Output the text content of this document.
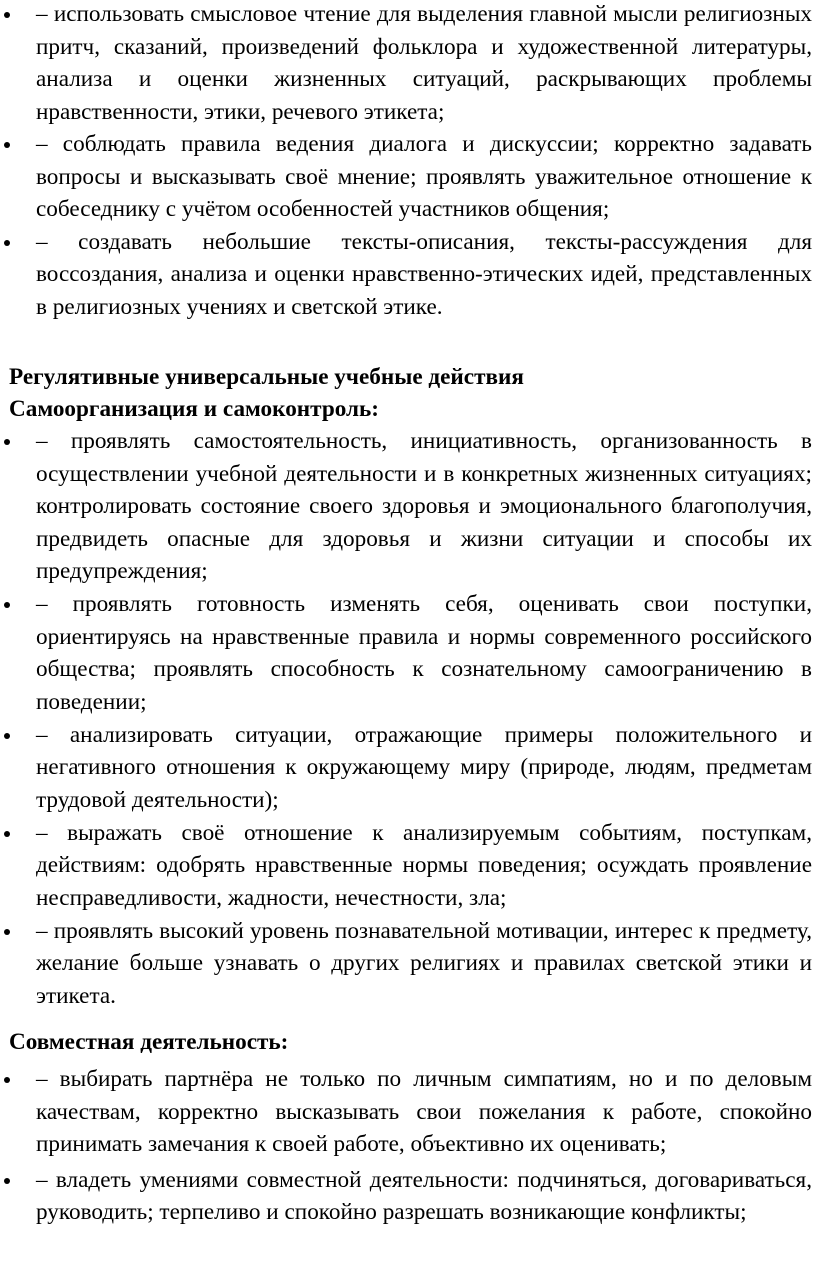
– использовать смысловое чтение для выделения главной мысли религиозных притч, сказаний, произведений фольклора и художественной литературы, анализа и оценки жизненных ситуаций, раскрывающих проблемы нравственности, этики, речевого этикета;
– соблюдать правила ведения диалога и дискуссии; корректно задавать вопросы и высказывать своё мнение; проявлять уважительное отношение к собеседнику с учётом особенностей участников общения;
– создавать небольшие тексты-описания, тексты-рассуждения для воссоздания, анализа и оценки нравственно-этических идей, представленных в религиозных учениях и светской этике.
Регулятивные универсальные учебные действия
Самоорганизация и самоконтроль:
– проявлять самостоятельность, инициативность, организованность в осуществлении учебной деятельности и в конкретных жизненных ситуациях; контролировать состояние своего здоровья и эмоционального благополучия, предвидеть опасные для здоровья и жизни ситуации и способы их предупреждения;
– проявлять готовность изменять себя, оценивать свои поступки, ориентируясь на нравственные правила и нормы современного российского общества; проявлять способность к сознательному самоограничению в поведении;
– анализировать ситуации, отражающие примеры положительного и негативного отношения к окружающему миру (природе, людям, предметам трудовой деятельности);
– выражать своё отношение к анализируемым событиям, поступкам, действиям: одобрять нравственные нормы поведения; осуждать проявление несправедливости, жадности, нечестности, зла;
– проявлять высокий уровень познавательной мотивации, интерес к предмету, желание больше узнавать о других религиях и правилах светской этики и этикета.
Совместная деятельность:
– выбирать партнёра не только по личным симпатиям, но и по деловым качествам, корректно высказывать свои пожелания к работе, спокойно принимать замечания к своей работе, объективно их оценивать;
– владеть умениями совместной деятельности: подчиняться, договариваться, руководить; терпеливо и спокойно разрешать возникающие конфликты;
